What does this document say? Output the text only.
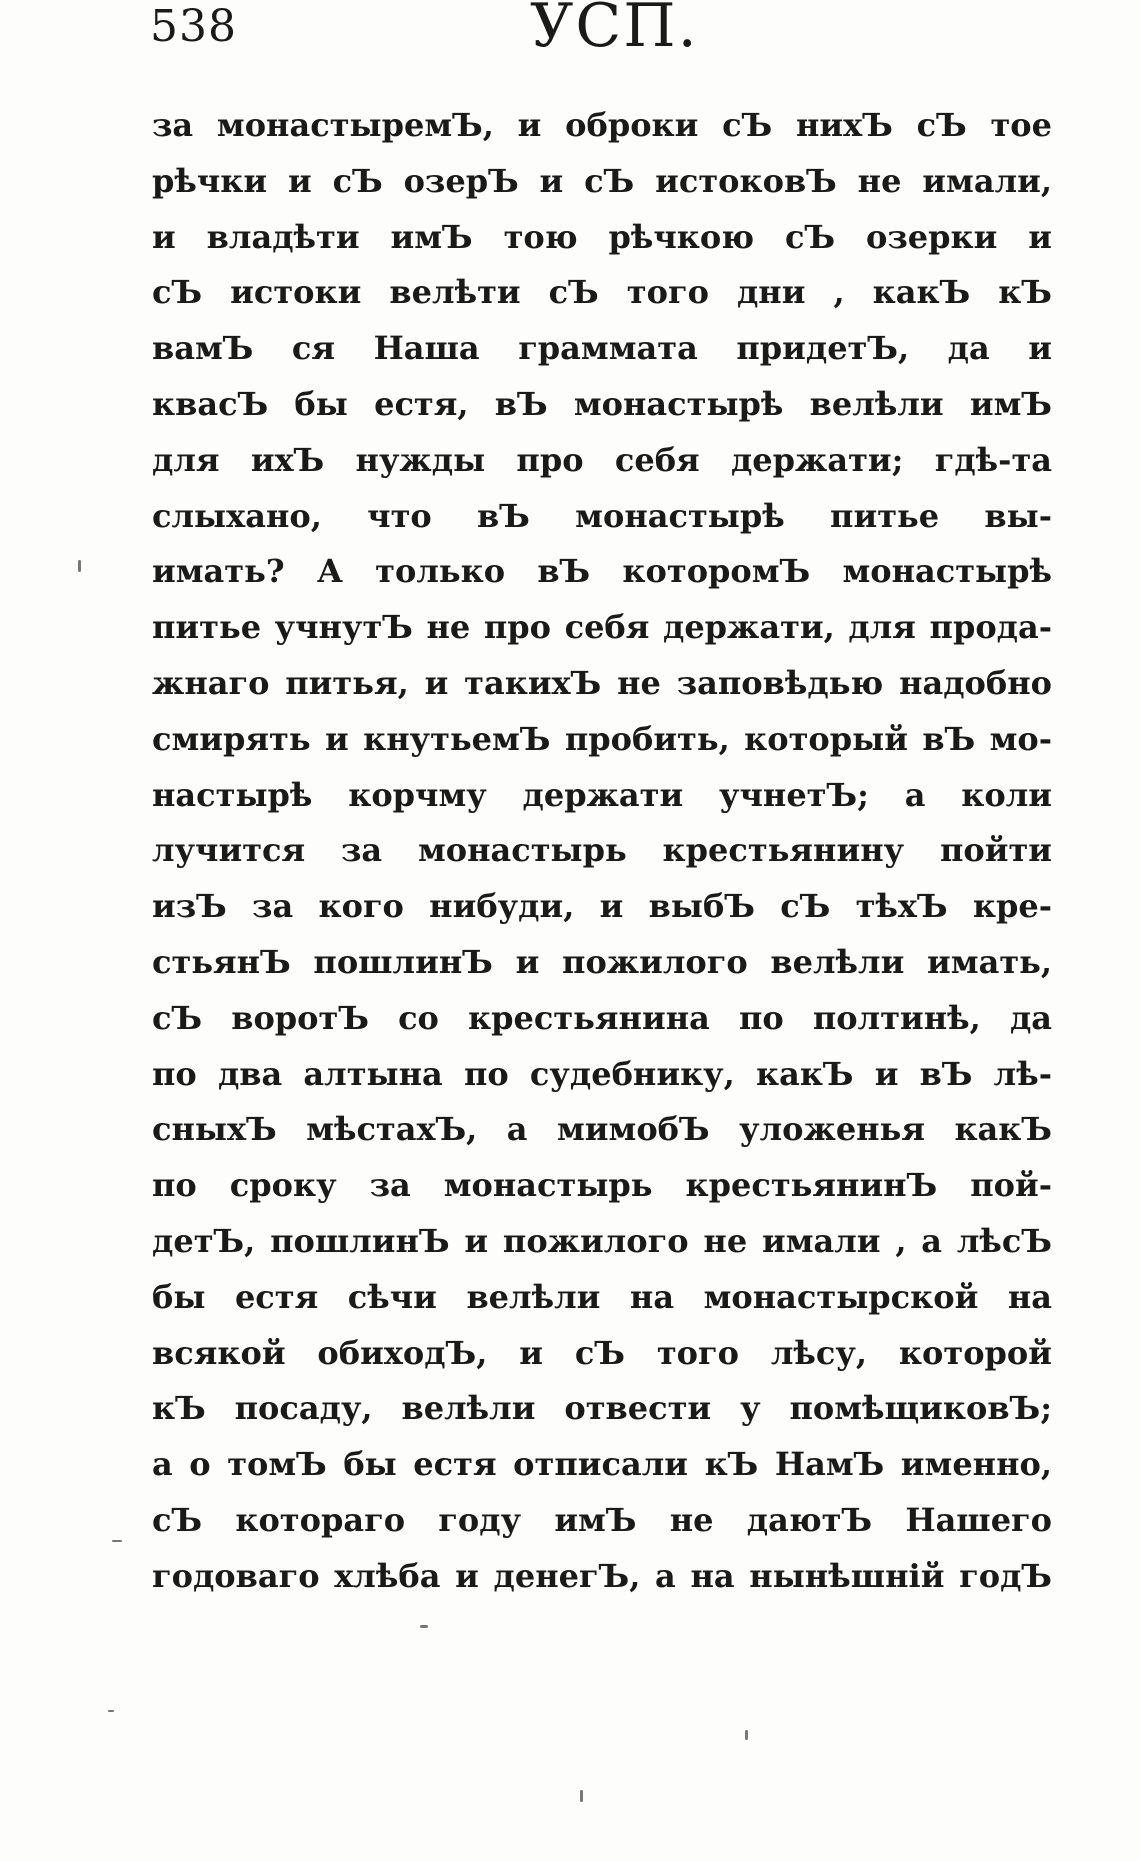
538	УСП.
за монастыремЪ, и оброки сЪ нихЪ сЪ тое
рѣчки и сЪ озерЪ и сЪ истоковЪ не имали,
и владѣти имЪ тою рѣчкою сЪ озерки и
сЪ истоки велѣти сЪ того дни , какЪ кЪ
вамЪ ся Наша граммата придетЪ, да и
квасЪ бы естя, вЪ монастырѣ велѣли имЪ
для ихЪ нужды про себя держати; гдѣ-та
слыхано, что вЪ монастырѣ питье вы-
имать? А только вЪ которомЪ монастырѣ
питье учнутЪ не про себя держати, для прода-
жнаго питья, и такихЪ не заповѣдью надобно
смирять и кнутьемЪ пробить, который вЪ мо-
настырѣ корчму держати учнетЪ; а коли
лучится за монастырь крестьянину пойти
изЪ за кого нибуди, и выбЪ сЪ тѣхЪ кре-
стьянЪ пошлинЪ и пожилого велѣли имать,
сЪ воротЪ со крестьянина по полтинѣ, да
по два алтына по судебнику, какЪ и вЪ лѣ-
сныхЪ мѣстахЪ, а мимобЪ уложенья какЪ
по сроку за монастырь крестьянинЪ пой-
детЪ, пошлинЪ и пожилого не имали , а лѣсЪ
бы естя сѣчи велѣли на монастырской на
всякой обиходЪ, и сЪ того лѣсу, которой
кЪ посаду, велѣли отвести у помѣщиковЪ;
а о томЪ бы естя отписали кЪ НамЪ именно,
сЪ котораго году имЪ не даютЪ Нашего
годоваго хлѣба и денегЪ, а на нынѣшній годЪ
